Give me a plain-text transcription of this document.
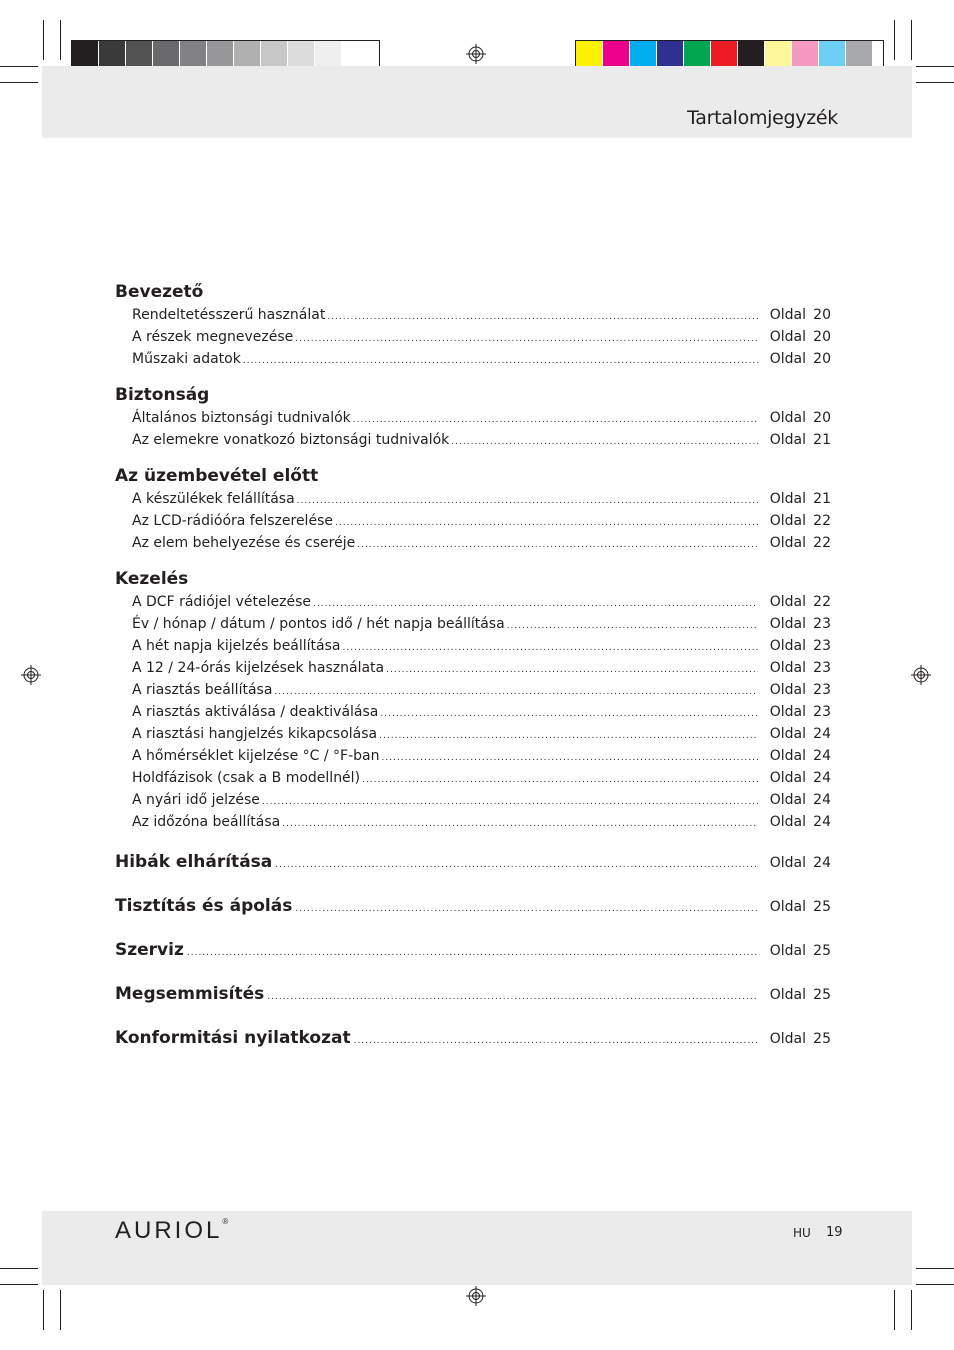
Tartalomjegyzék
Bevezető
Rendeltetésszerű használat .....	Oldal 20
A részek megnevezése .....	Oldal 20
Műszaki adatok .....	Oldal 20
Biztonság
Általános biztonsági tudnivalók .....	Oldal 20
Az elemekre vonatkozó biztonsági tudnivalók .....	Oldal 21
Az üzembevétel előtt
A készülékek felállítása .....	Oldal 21
Az LCD-rádióóra felszerelése .....	Oldal 22
Az elem behelyezése és cseréje .....	Oldal 22
Kezelés
A DCF rádiójel vételezése .....	Oldal 22
Év / hónap / dátum / pontos idő / hét napja beállítása .....	Oldal 23
A hét napja kijelzés beállítása .....	Oldal 23
A 12 / 24-órás kijelzések használata .....	Oldal 23
A riasztás beállítása .....	Oldal 23
A riasztás aktiválása / deaktiválása .....	Oldal 23
A riasztási hangjelzés kikapcsolása .....	Oldal 24
A hőmérséklet kijelzése °C / °F-ban .....	Oldal 24
Holdfázisok (csak a B modellnél) .....	Oldal 24
A nyári idő jelzése .....	Oldal 24
Az időzóna beállítása .....	Oldal 24
Hibák elhárítása .....	Oldal 24
Tisztítás és ápolás .....	Oldal 25
Szerviz .....	Oldal 25
Megsemmisítés .....	Oldal 25
Konformitási nyilatkozat .....	Oldal 25
AURIOL®
HU 19
